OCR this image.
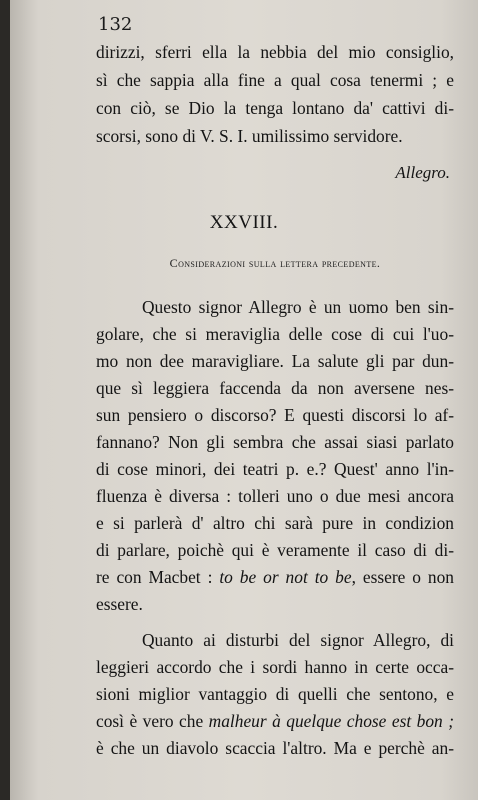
132
dirizzi, sferri ella la nebbia del mio consiglio,
sì che sappia alla fine a qual cosa tenermi ; e
con ciò, se Dio la tenga lontano da' cattivi di-
scorsi, sono di V. S. I. umilissimo servidore.
Allegro.
XXVIII.
Considerazioni sulla lettera precedente.
Questo signor Allegro è un uomo ben sin-
golare, che si meraviglia delle cose di cui l'uo-
mo non dee maravigliare. La salute gli par dun-
que sì leggiera faccenda da non aversene nes-
sun pensiero o discorso? E questi discorsi lo af-
fannano? Non gli sembra che assai siasi parlato
di cose minori, dei teatri p. e.? Quest' anno l'in-
fluenza è diversa : tolleri uno o due mesi ancora
e si parlerà d' altro chi sarà pure in condizion
di parlare, poichè qui è veramente il caso di di-
re con Macbet : to be or not to be, essere o non
essere.
Quanto ai disturbi del signor Allegro, di
leggieri accordo che i sordi hanno in certe occa-
sioni miglior vantaggio di quelli che sentono, e
così è vero che malheur à quelque chose est bon ;
è che un diavolo scaccia l'altro. Ma e perchè an-
